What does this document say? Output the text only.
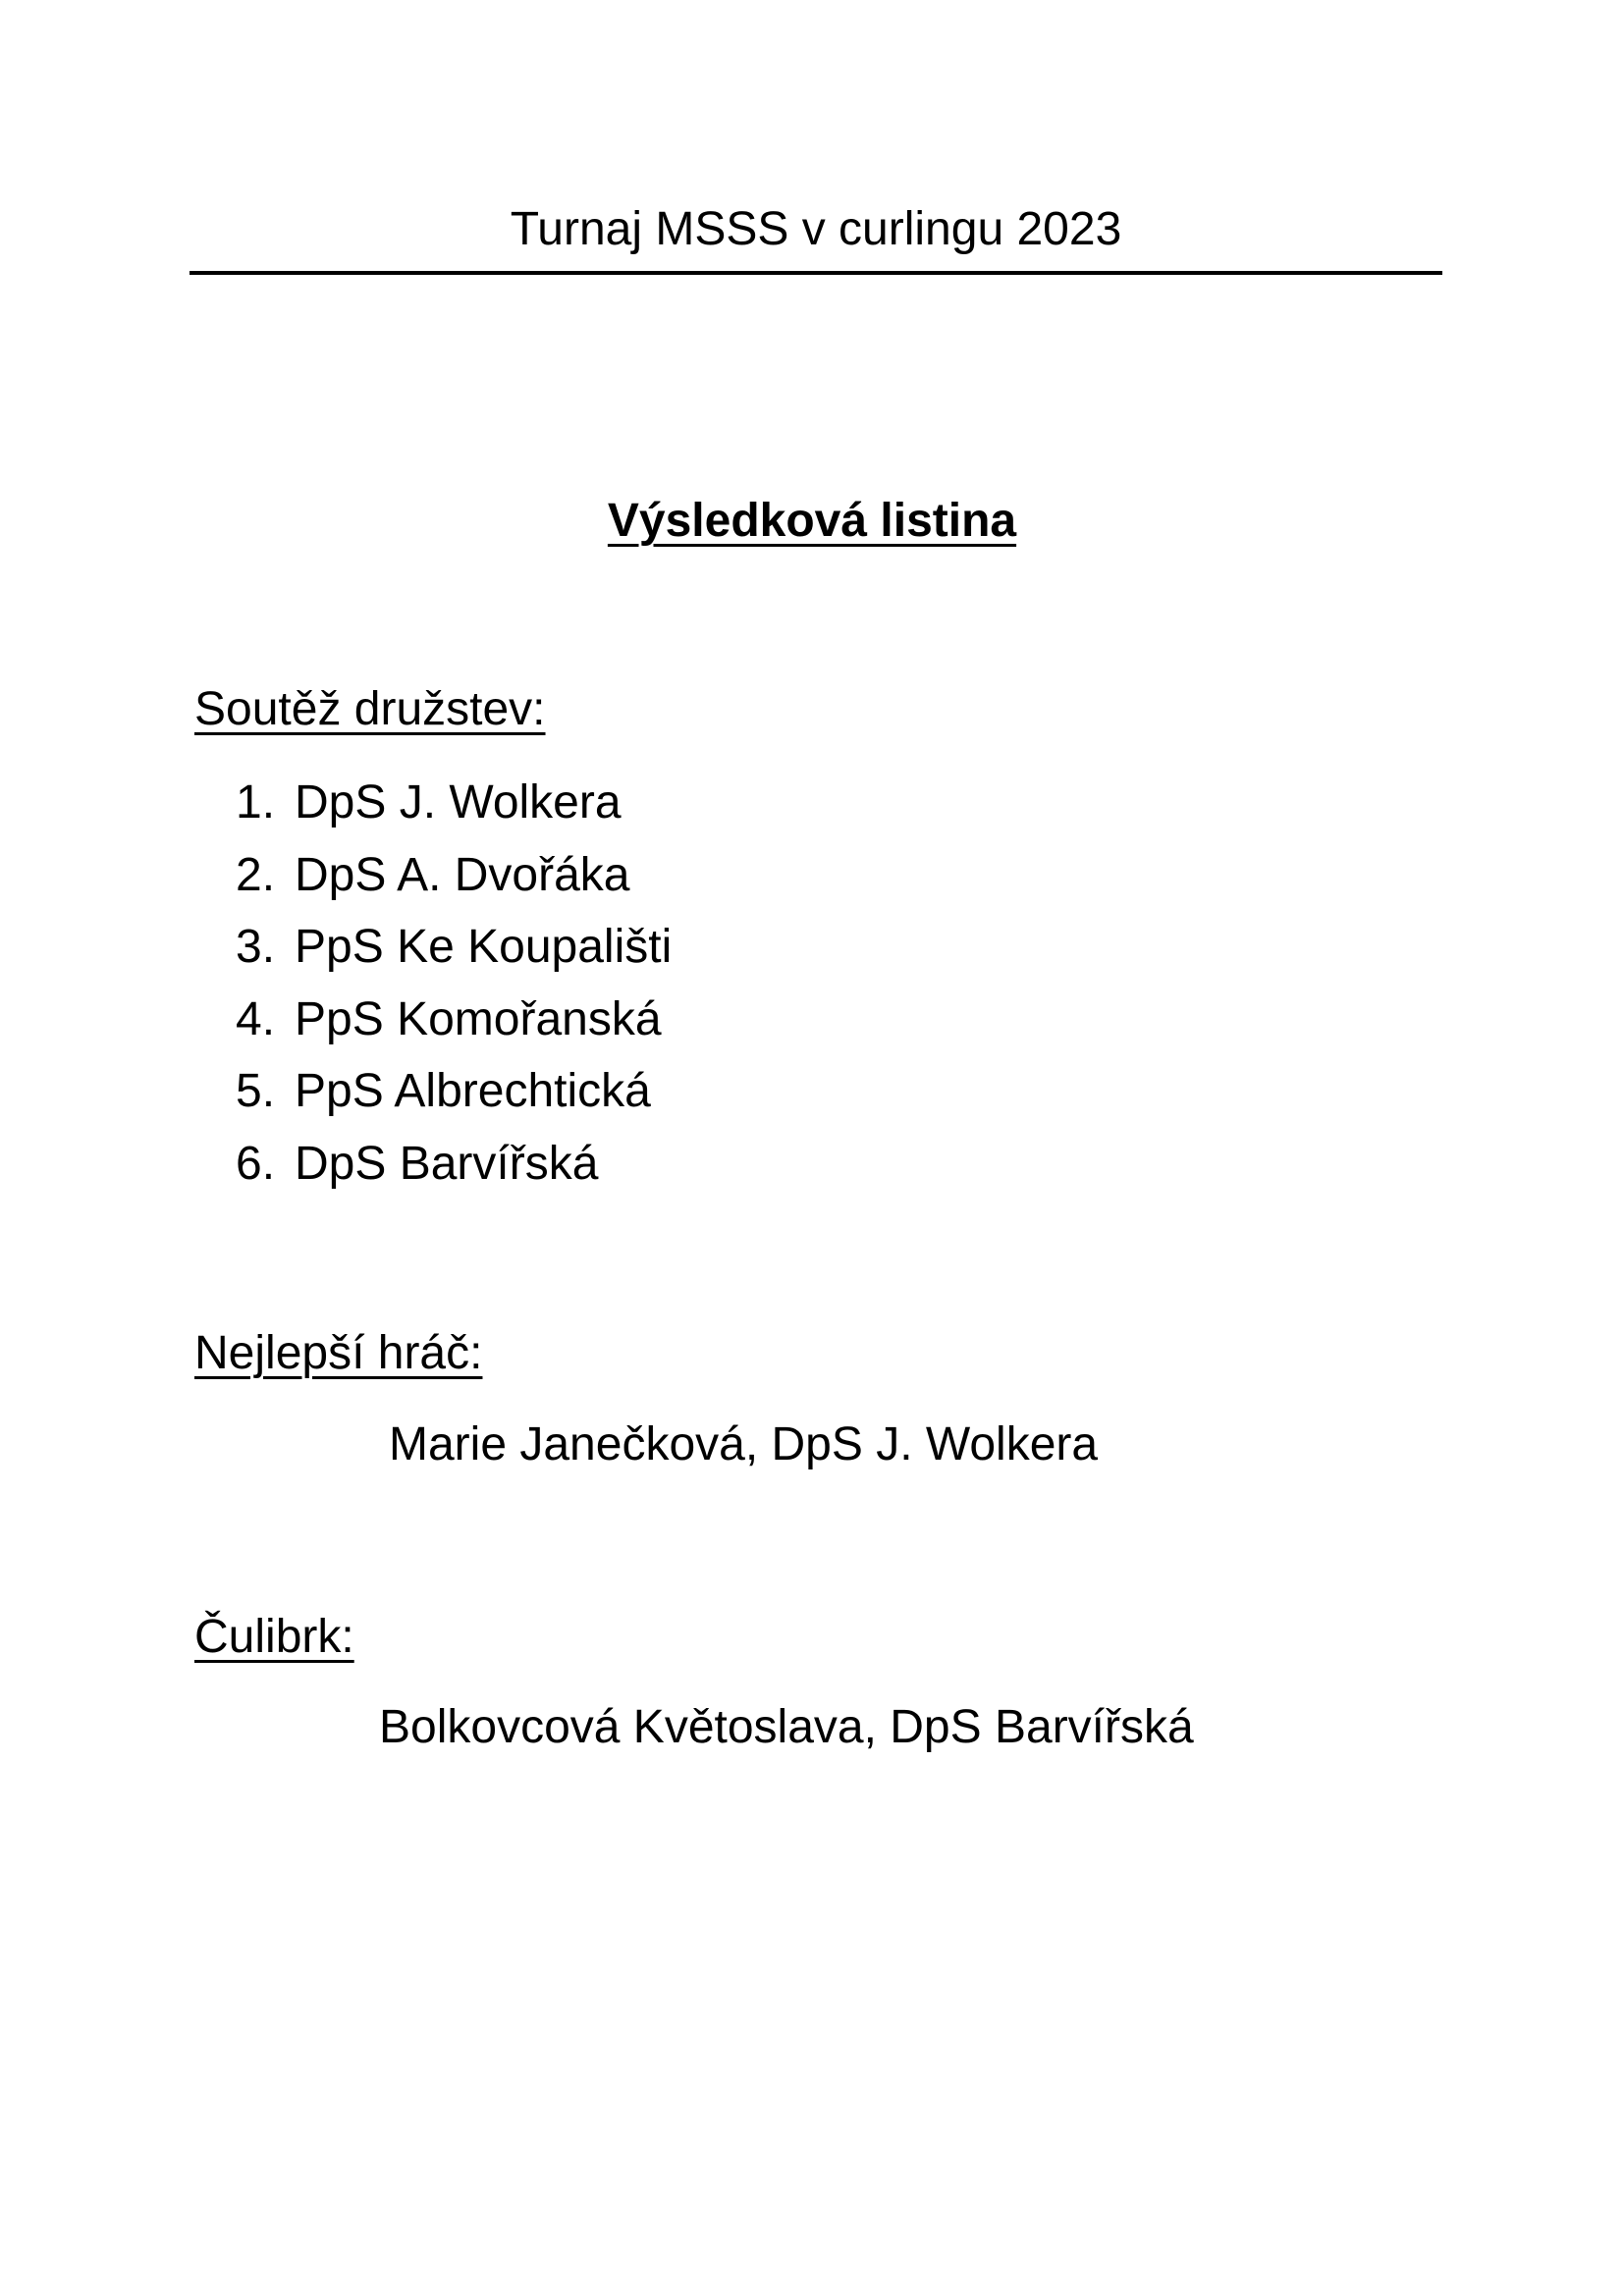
Turnaj MSSS v curlingu 2023
Výsledková listina
Soutěž družstev:
1. DpS J. Wolkera
2. DpS A. Dvořáka
3. PpS Ke Koupališti
4. PpS Komořanská
5. PpS Albrechtická
6. DpS Barvířská
Nejlepší hráč:
Marie Janečková, DpS J. Wolkera
Čulibrk:
Bolkovcová Květoslava, DpS Barvířská
